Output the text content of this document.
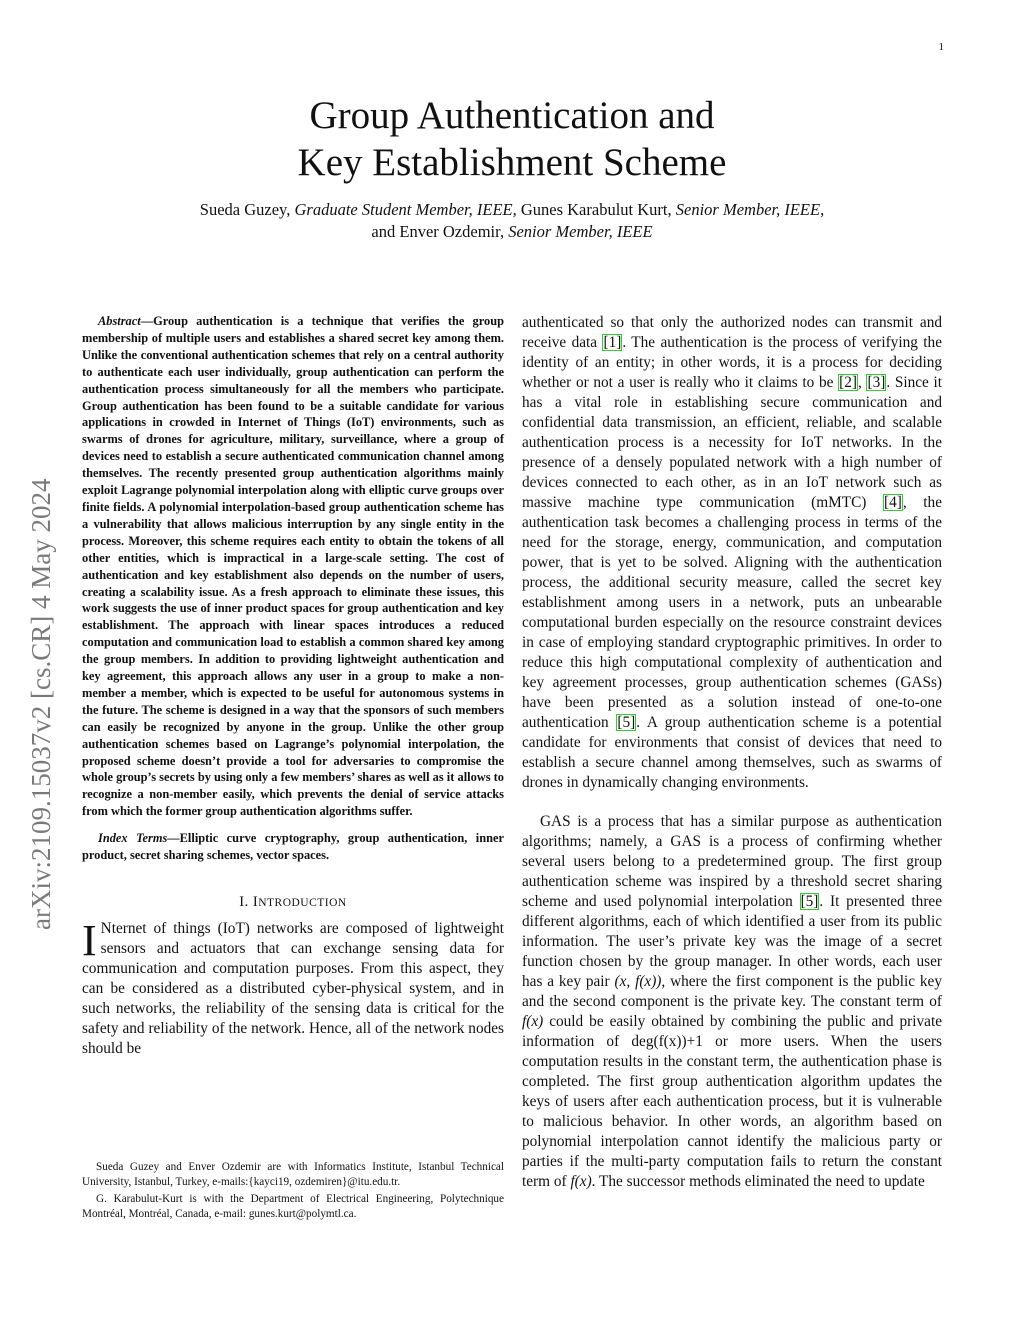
1
Group Authentication and
Key Establishment Scheme
Sueda Guzey, Graduate Student Member, IEEE, Gunes Karabulut Kurt, Senior Member, IEEE,
and Enver Ozdemir, Senior Member, IEEE
arXiv:2109.15037v2 [cs.CR] 4 May 2024

Abstract—Group authentication is a technique that verifies the group membership of multiple users and establishes a shared secret key among them. Unlike the conventional authentication schemes that rely on a central authority to authenticate each user individually, group authentication can perform the authentication process simultaneously for all the members who participate. Group authentication has been found to be a suitable candidate for various applications in crowded in Internet of Things (IoT) environments, such as swarms of drones for agriculture, military, surveillance, where a group of devices need to establish a secure authenticated communication channel among themselves. The recently presented group authentication algorithms mainly exploit Lagrange polynomial interpolation along with elliptic curve groups over finite fields. A polynomial interpolation-based group authentication scheme has a vulnerability that allows malicious interruption by any single entity in the process. Moreover, this scheme requires each entity to obtain the tokens of all other entities, which is impractical in a large-scale setting. The cost of authentication and key establishment also depends on the number of users, creating a scalability issue. As a fresh approach to eliminate these issues, this work suggests the use of inner product spaces for group authentication and key establishment. The approach with linear spaces introduces a reduced computation and communication load to establish a common shared key among the group members. In addition to providing lightweight authentication and key agreement, this approach allows any user in a group to make a non-member a member, which is expected to be useful for autonomous systems in the future. The scheme is designed in a way that the sponsors of such members can easily be recognized by anyone in the group. Unlike the other group authentication schemes based on Lagrange’s polynomial interpolation, the proposed scheme doesn’t provide a tool for adversaries to compromise the whole group’s secrets by using only a few members’ shares as well as it allows to recognize a non-member easily, which prevents the denial of service attacks from which the former group authentication algorithms suffer.

Index Terms—Elliptic curve cryptography, group authentication, inner product, secret sharing schemes, vector spaces.

I. INTRODUCTION

I Nternet of things (IoT) networks are composed of lightweight sensors and actuators that can exchange sensing data for communication and computation purposes. From this aspect, they can be considered as a distributed cyber-physical system, and in such networks, the reliability of the sensing data is critical for the safety and reliability of the network. Hence, all of the network nodes should be

Sueda Guzey and Enver Ozdemir are with Informatics Institute, Istanbul Technical University, Istanbul, Turkey, e-mails:{kayci19, ozdemiren}@itu.edu.tr.

G. Karabulut-Kurt is with the Department of Electrical Engineering, Polytechnique Montréal, Montréal, Canada, e-mail: gunes.kurt@polymtl.ca.

authenticated so that only the authorized nodes can transmit and receive data [1]. The authentication is the process of verifying the identity of an entity; in other words, it is a process for deciding whether or not a user is really who it claims to be [2], [3]. Since it has a vital role in establishing secure communication and confidential data transmission, an efficient, reliable, and scalable authentication process is a necessity for IoT networks. In the presence of a densely populated network with a high number of devices connected to each other, as in an IoT network such as massive machine type communication (mMTC) [4], the authentication task becomes a challenging process in terms of the need for the storage, energy, communication, and computation power, that is yet to be solved. Aligning with the authentication process, the additional security measure, called the secret key establishment among users in a network, puts an unbearable computational burden especially on the resource constraint devices in case of employing standard cryptographic primitives. In order to reduce this high computational complexity of authentication and key agreement processes, group authentication schemes (GASs) have been presented as a solution instead of one-to-one authentication [5]. A group authentication scheme is a potential candidate for environments that consist of devices that need to establish a secure channel among themselves, such as swarms of drones in dynamically changing environments.

GAS is a process that has a similar purpose as authentication algorithms; namely, a GAS is a process of confirming whether several users belong to a predetermined group. The first group authentication scheme was inspired by a threshold secret sharing scheme and used polynomial interpolation [5]. It presented three different algorithms, each of which identified a user from its public information. The user’s private key was the image of a secret function chosen by the group manager. In other words, each user has a key pair (x, f(x)), where the first component is the public key and the second component is the private key. The constant term of f(x) could be easily obtained by combining the public and private information of deg(f(x))+1 or more users. When the users computation results in the constant term, the authentication phase is completed. The first group authentication algorithm updates the keys of users after each authentication process, but it is vulnerable to malicious behavior. In other words, an algorithm based on polynomial interpolation cannot identify the malicious party or parties if the multi-party computation fails to return the constant term of f(x). The successor methods eliminated the need to update
